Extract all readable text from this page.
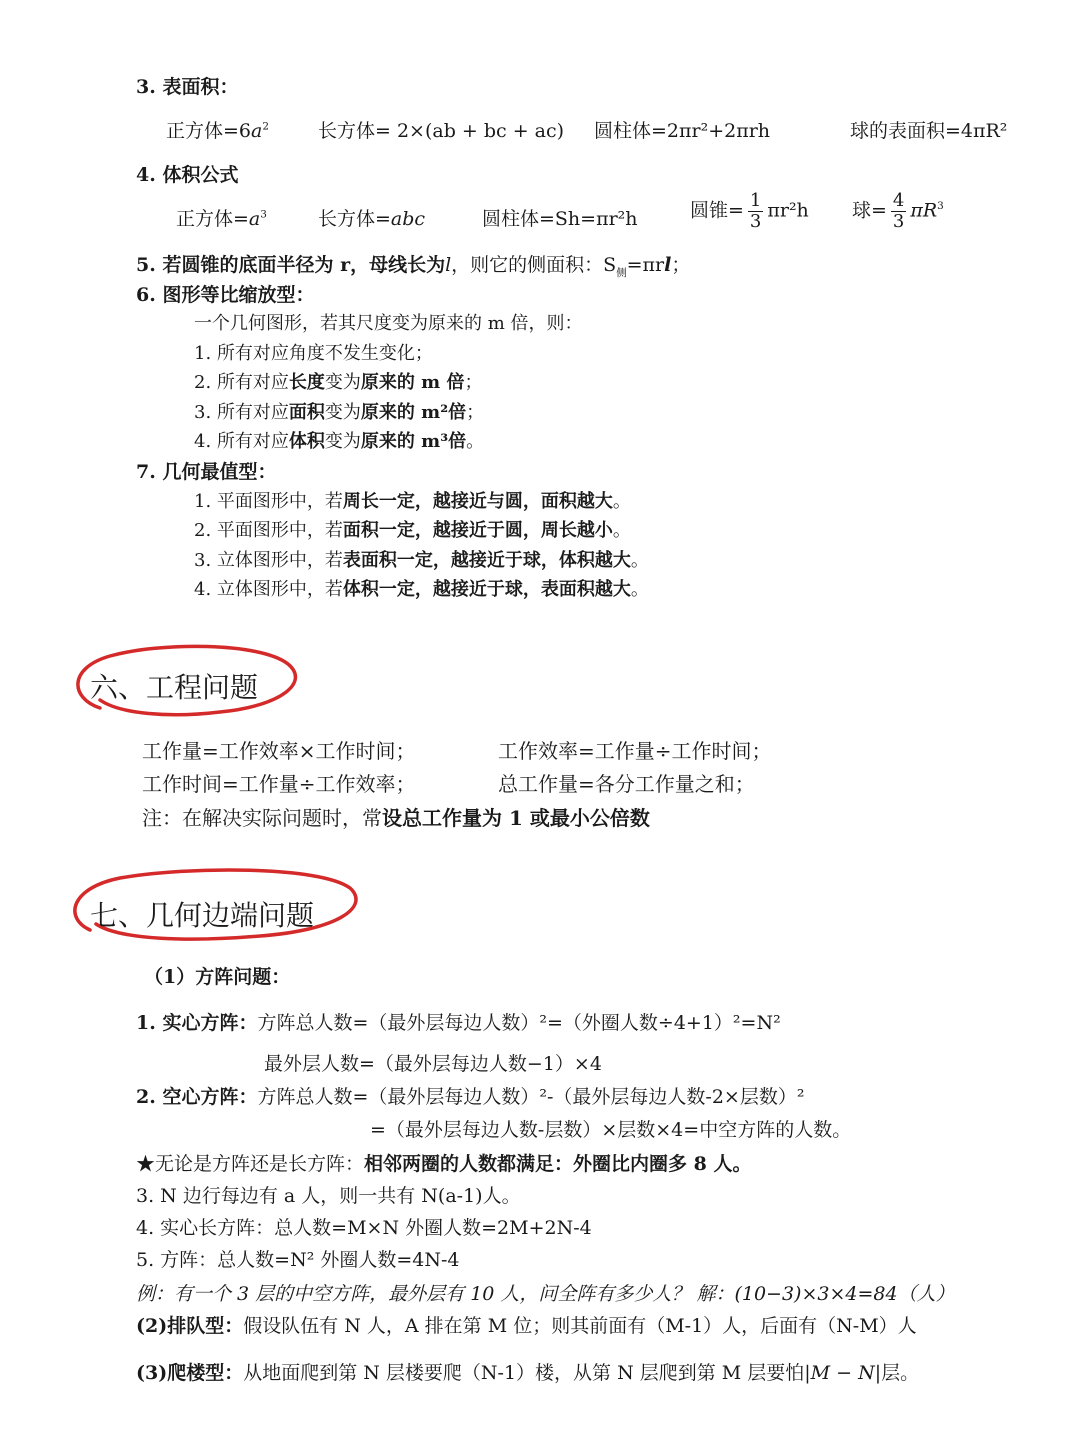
3. 表面积：
正方体$=6a^2$	长方体= 2×(ab + bc + ac) 圆柱体=2πr²+2πrh	球的表面积=4πR²
4. 体积公式
正方体$=a^3$	长方体=abc	圆柱体=Sh=πr²h	圆锥= $\frac{1}{3} \pi r^2h$ 球= $\frac{4}{3} \pi R^3$
5. 若圆锥的底面半径为 r，母线长为l，则它的侧面积：$S_侧=\pi rl$；
6. 图形等比缩放型：
一个几何图形，若其尺度变为原来的 m 倍，则：
1. 所有对应角度不发生变化；
2. 所有对应长度变为原来的 m 倍；
3. 所有对应面积变为原来的 m²倍；
4. 所有对应体积变为原来的 m³倍。
7. 几何最值型：
1. 平面图形中，若周长一定，越接近与圆，面积越大。
2. 平面图形中，若面积一定，越接近于圆，周长越小。
3. 立体图形中，若表面积一定，越接近于球，体积越大。
4. 立体图形中，若体积一定，越接近于球，表面积越大。
六、工程问题
工作量=工作效率×工作时间；	工作效率=工作量÷工作时间；
工作时间=工作量÷工作效率；	总工作量=各分工作量之和；
注：在解决实际问题时，常设总工作量为 1 或最小公倍数
七、几何边端问题
（1）方阵问题：
1. 实心方阵：方阵总人数=（最外层每边人数）²=（外圈人数÷4+1）²=N²
最外层人数=（最外层每边人数−1）×4
2. 空心方阵：方阵总人数=（最外层每边人数）²-（最外层每边人数-2×层数）²
=（最外层每边人数-层数）×层数×4=中空方阵的人数。
★无论是方阵还是长方阵：相邻两圈的人数都满足：外圈比内圈多 8 人。
3. N 边行每边有 a 人，则一共有 N(a-1)人。
4. 实心长方阵：总人数=M×N 外圈人数=2M+2N-4
5. 方阵：总人数=N² 外圈人数=4N-4
例：有一个 3 层的中空方阵，最外层有 10 人，问全阵有多少人？ 解：(10−3)×3×4=84（人）
(2)排队型：假设队伍有 N 人，A 排在第 M 位；则其前面有（M-1）人，后面有（N-M）人
(3)爬楼型：从地面爬到第 N 层楼要爬（N-1）楼，从第 N 层爬到第 M 层要怕|M − N|层。
